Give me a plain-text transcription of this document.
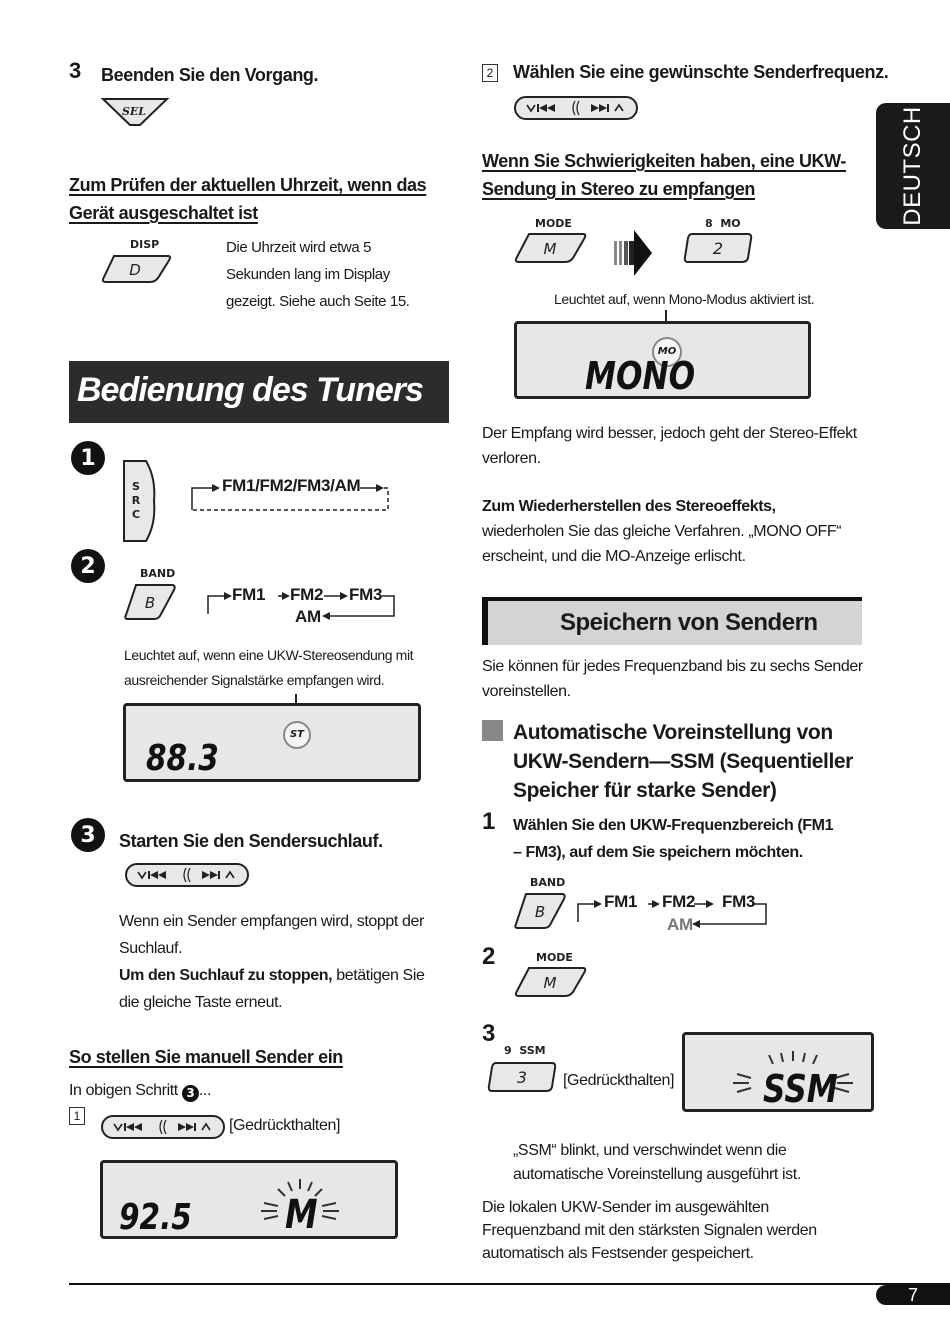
DEUTSCH
3 Beenden Sie den Vorgang.
SEL
Zum Prüfen der aktuellen Uhrzeit, wenn das
Gerät ausgeschaltet ist
DISP
D
Die Uhrzeit wird etwa 5
Sekunden lang im Display
gezeigt. Siehe auch Seite 15.
Bedienung des Tuners
1
S
R
C
FM1/FM2/FM3/AM
2	BAND
B	FM1 FM2 FM3
AM
Leuchtet auf, wenn eine UKW-Stereosendung mit
ausreichender Signalstärke empfangen wird.
88.3
ST
3	Starten Sie den Sendersuchlauf.
Wenn ein Sender empfangen wird, stoppt der
Suchlauf.
Um den Suchlauf zu stoppen, betätigen Sie
die gleiche Taste erneut.
So stellen Sie manuell Sender ein
In obigen Schritt 3 ...
1
[Gedrückthalten]
92.5 M
2 Wählen Sie eine gewünschte Senderfrequenz.
Wenn Sie Schwierigkeiten haben, eine UKW-
Sendung in Stereo zu empfangen
MODE
M
8 MO
2
Leuchtet auf, wenn Mono-Modus aktiviert ist.
MO
MONO
Der Empfang wird besser, jedoch geht der Stereo-Effekt
verloren.
Zum Wiederherstellen des Stereoeffekts,
wiederholen Sie das gleiche Verfahren. „MONO OFF“
erscheint, und die MO-Anzeige erlischt.
Speichern von Sendern
Sie können für jedes Frequenzband bis zu sechs Sender
voreinstellen.
Automatische Voreinstellung von
UKW-Sendern—SSM (Sequentieller
Speicher für starke Sender)
1 Wählen Sie den UKW-Frequenzbereich (FM1
– FM3), auf dem Sie speichern möchten.
BAND
B
FM1 FM2 FM3
AM
2	MODE
M
3
9 SSM
3 [Gedrückthalten] SSM
„SSM“ blinkt, und verschwindet wenn die
automatische Voreinstellung ausgeführt ist.
Die lokalen UKW-Sender im ausgewählten
Frequenzband mit den stärksten Signalen werden
automatisch als Festsender gespeichert.
7
